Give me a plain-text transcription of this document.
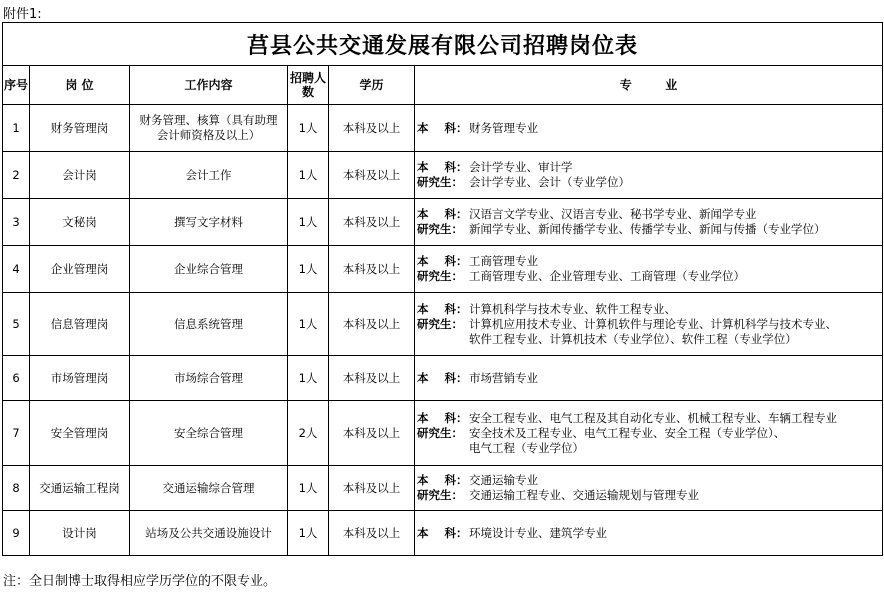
附件1:
莒县公共交通发展有限公司招聘岗位表					
序号	岗 位	工作内容	招聘人数	学历	专        业
1	财务管理岗	财务管理、核算（具有助理会计师资格及以上）	1人	本科及以上	本    科： 财务管理专业

2	会计岗	会计工作	1人	本科及以上	本    科： 会计学专业、审计学
研究生： 会计学专业、会计（专业学位）

3	文秘岗	撰写文字材料	1人	本科及以上	本    科： 汉语言文学专业、汉语言专业、秘书学专业、新闻学专业
研究生： 新闻学专业、新闻传播学专业、传播学专业、新闻与传播（专业学位）

4	企业管理岗	企业综合管理	1人	本科及以上	本    科： 工商管理专业
研究生： 工商管理专业、企业管理专业、工商管理（专业学位）

5	信息管理岗	信息系统管理	1人	本科及以上	本    科： 计算机科学与技术专业、软件工程专业、
研究生： 计算机应用技术专业、计算机软件与理论专业、计算机科学与技术专业、
软件工程专业、计算机技术（专业学位）、软件工程（专业学位）

6	市场管理岗	市场综合管理	1人	本科及以上	本    科： 市场营销专业

7	安全管理岗	安全综合管理	2人	本科及以上	本    科： 安全工程专业、电气工程及其自动化专业、机械工程专业、车辆工程专业
研究生： 安全技术及工程专业、电气工程专业、安全工程（专业学位）、
电气工程（专业学位）

8	交通运输工程岗	交通运输综合管理	1人	本科及以上	本    科： 交通运输专业
研究生： 交通运输工程专业、交通运输规划与管理专业

9	设计岗	站场及公共交通设施设计	1人	本科及以上	本    科： 环境设计专业、建筑学专业
注：全日制博士取得相应学历学位的不限专业。
